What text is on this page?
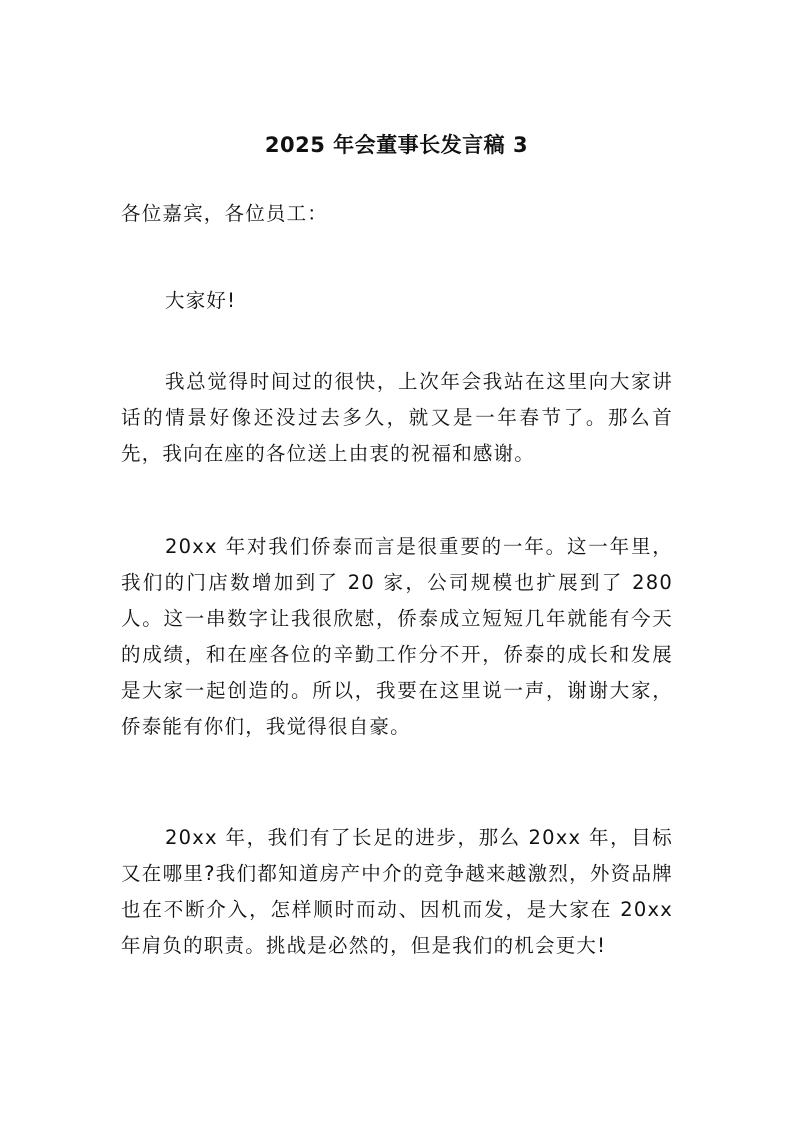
2025 年会董事长发言稿 3
各位嘉宾，各位员工：
大家好!
我总觉得时间过的很快，上次年会我站在这里向大家讲话的情景好像还没过去多久，就又是一年春节了。那么首先，我向在座的各位送上由衷的祝福和感谢。
20xx 年对我们侨泰而言是很重要的一年。这一年里，我们的门店数增加到了 20 家，公司规模也扩展到了 280 人。这一串数字让我很欣慰，侨泰成立短短几年就能有今天的成绩，和在座各位的辛勤工作分不开，侨泰的成长和发展是大家一起创造的。所以，我要在这里说一声，谢谢大家，侨泰能有你们，我觉得很自豪。
20xx 年，我们有了长足的进步，那么 20xx 年，目标又在哪里?我们都知道房产中介的竞争越来越激烈，外资品牌也在不断介入，怎样顺时而动、因机而发，是大家在 20xx 年肩负的职责。挑战是必然的，但是我们的机会更大!
